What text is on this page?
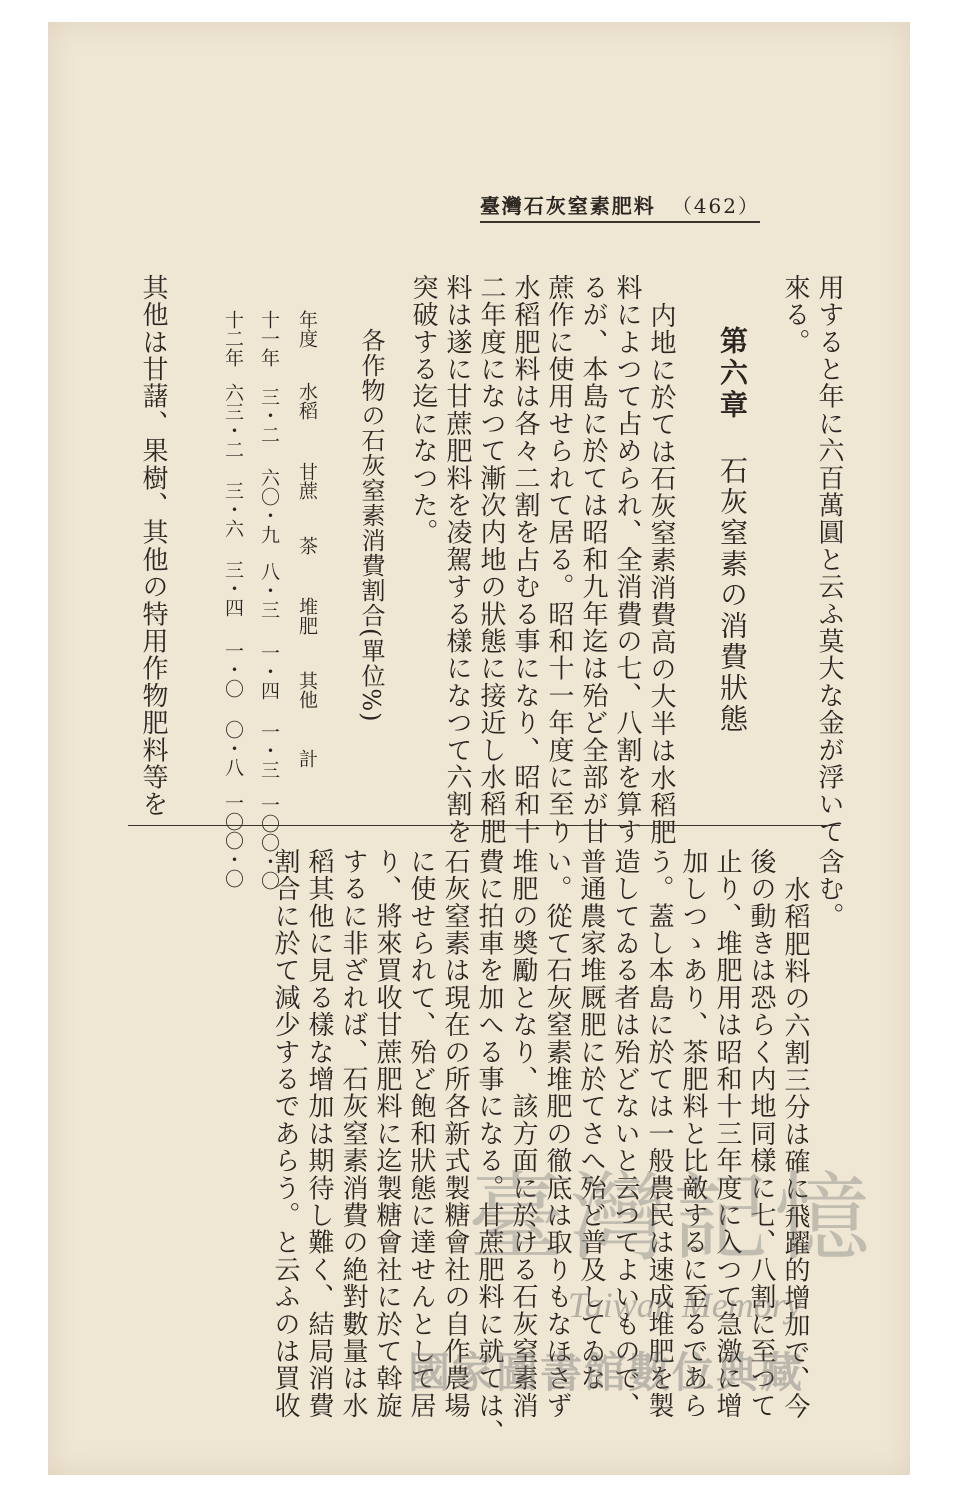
臺灣石灰窒素肥料 （462）
用すると年に六百萬圓と云ふ莫大な金が浮いて
來る。
第六章石灰窒素の消費狀態
内地に於ては石灰窒素消費高の大半は水稻肥
料によつて占められ、全消費の七、八割を算す
るが、本島に於ては昭和九年迄は殆ど全部が甘
蔗作に使用せられて居る。昭和十一年度に至り
水稻肥料は各々二割を占むる事になり、昭和十
二年度になつて漸次内地の狀態に接近し水稻肥
料は遂に甘蔗肥料を凌駕する樣になつて六割を
突破する迄になつた。
各作物の石灰窒素消費割合(單位%)
年度水稻甘蔗茶堆肥其他計
十一年三・二六〇・九八・三一・四一・三一〇〇・〇
十二年六三・二三・六三・四一・〇〇・八一〇〇・〇
其他は甘藷、果樹、其他の特用作物肥料等を
含む。
水稻肥料の六割三分は確に飛躍的增加で、今
後の動きは恐らく内地同樣に七、八割に至つて
止り、堆肥用は昭和十三年度に入つて急激に增
加しつゝあり、茶肥料と比敵するに至るであら
う。蓋し本島に於ては一般農民は速成堆肥を製
造してゐる者は殆どないと云つてよいもので、
普通農家堆厩肥に於てさへ殆ど普及してゐな
い。從て石灰窒素堆肥の徹底は取りもなほさず
堆肥の奬勵となり、該方面に於ける石灰窒素消
費に拍車を加へる事になる。甘蔗肥料に就ては、
石灰窒素は現在の所各新式製糖會社の自作農場
に使せられて、殆ど飽和狀態に達せんとして居
り、將來買收甘蔗肥料に迄製糖會社に於て斡旋
するに非ざれば、石灰窒素消費の絶對數量は水
稻其他に見る樣な增加は期待し難く、結局消費
割合に於て減少するであらう。と云ふのは買收 臺灣記憶
Taiwan Memory
國家圖書館數位典藏
